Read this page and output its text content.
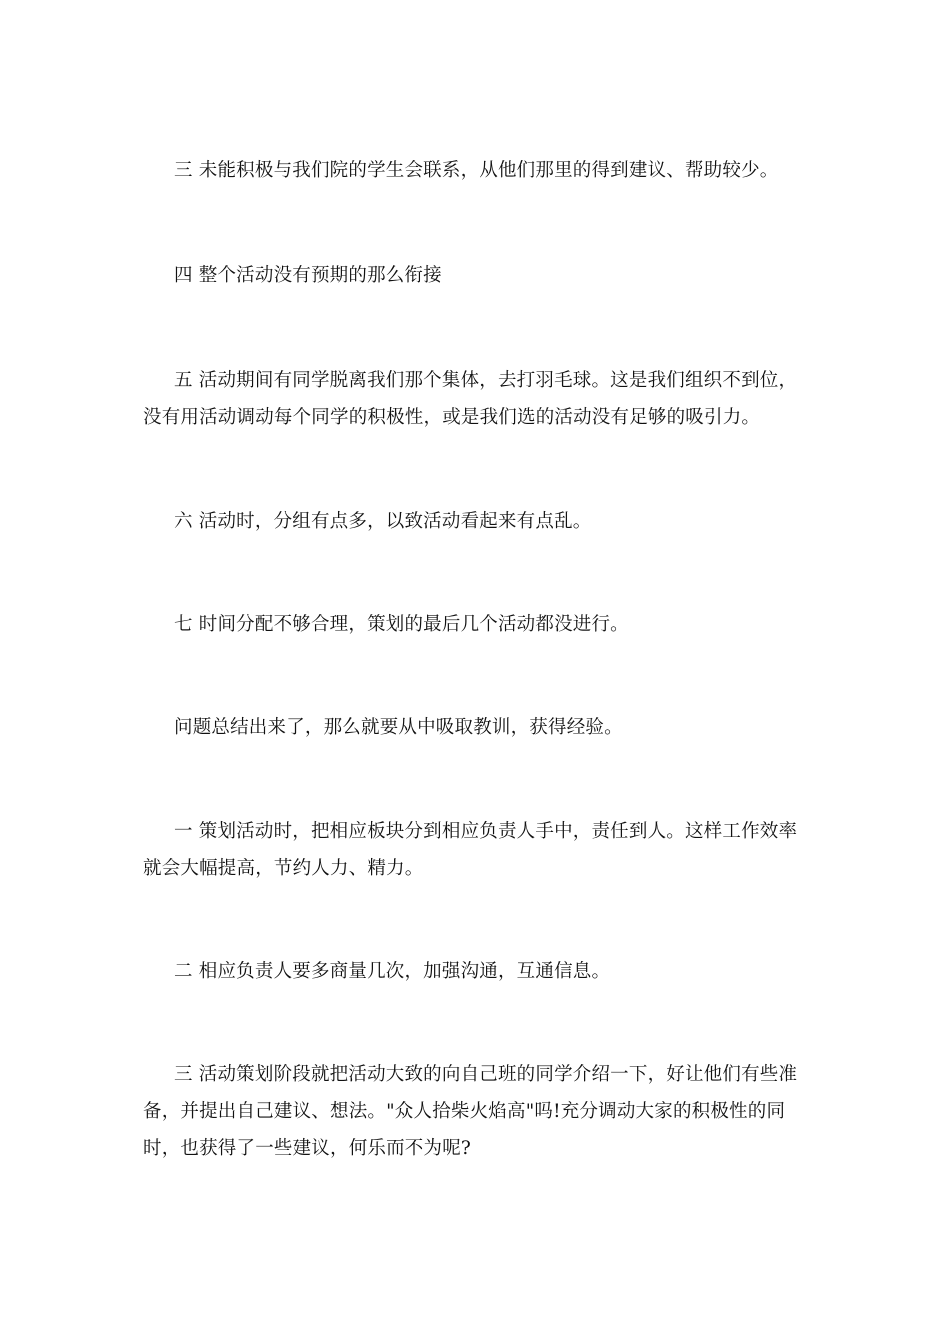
三 未能积极与我们院的学生会联系，从他们那里的得到建议、帮助较少。

四 整个活动没有预期的那么衔接

五 活动期间有同学脱离我们那个集体，去打羽毛球。这是我们组织不到位，没有用活动调动每个同学的积极性，或是我们选的活动没有足够的吸引力。

六 活动时，分组有点多，以致活动看起来有点乱。

七 时间分配不够合理，策划的最后几个活动都没进行。

问题总结出来了，那么就要从中吸取教训，获得经验。

一 策划活动时，把相应板块分到相应负责人手中，责任到人。这样工作效率就会大幅提高，节约人力、精力。

二 相应负责人要多商量几次，加强沟通，互通信息。

三 活动策划阶段就把活动大致的向自己班的同学介绍一下，好让他们有些准备，并提出自己建议、想法。"众人拾柴火焰高"吗!充分调动大家的积极性的同时，也获得了一些建议，何乐而不为呢?
